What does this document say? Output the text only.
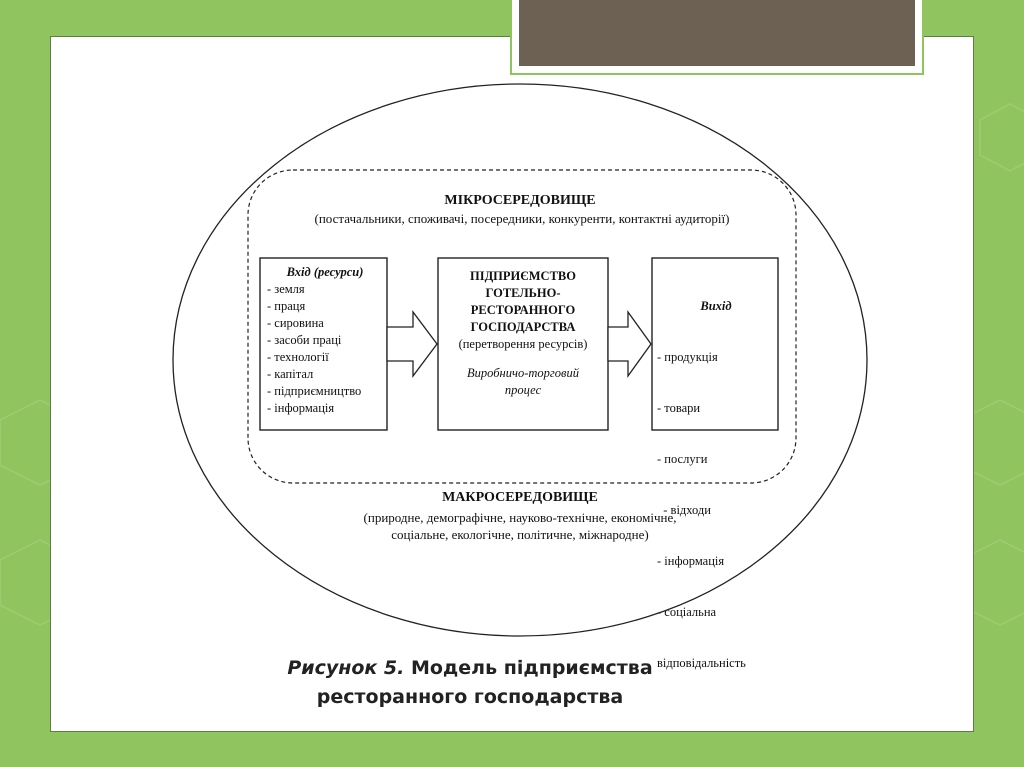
МІКРОСЕРЕДОВИЩЕ
(постачальники, споживачі, посередники, конкуренти, контактні аудиторії)
Вхід (ресурси)
- земля
- праця
- сировина
- засоби праці
- технології
- капітал
- підприємництво
- інформація
ПІДПРИЄМСТВО
ГОТЕЛЬНО-
РЕСТОРАННОГО
ГОСПОДАРСТВА
(перетворення ресурсів)
Виробничо-торговий
процес

Вихід

- продукція

- товари

- послуги

- відходи

- інформація

- соціальна

відповідальність

МАКРОСЕРЕДОВИЩЕ
(природне, демографічне, науково-технічне, економічне,
соціальне, екологічне, політичне, міжнародне)
Рисунок 5. Модель підприємства
ресторанного господарства
